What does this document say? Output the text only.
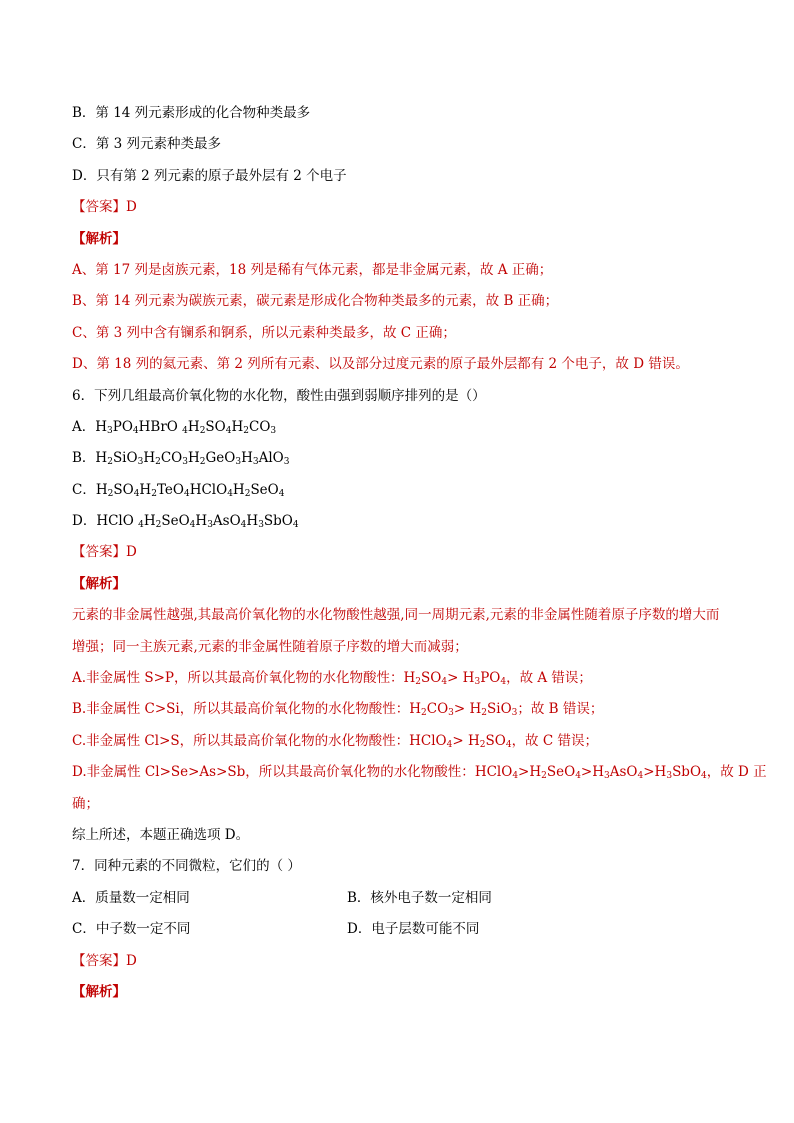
B．第 14 列元素形成的化合物种类最多
C．第 3 列元素种类最多
D．只有第 2 列元素的原子最外层有 2 个电子
【答案】D
【解析】
A、第 17 列是卤族元素，18 列是稀有气体元素，都是非金属元素，故 A 正确；
B、第 14 列元素为碳族元素，碳元素是形成化合物种类最多的元素，故 B 正确；
C、第 3 列中含有镧系和锕系，所以元素种类最多，故 C 正确；
D、第 18 列的氦元素、第 2 列所有元素、以及部分过度元素的原子最外层都有 2 个电子，故 D 错误。
6．下列几组最高价氧化物的水化物，酸性由强到弱顺序排列的是（）
A．$H_3PO_4HBrO$ $_4H_2SO_4H_2CO_3$
B．$H_2SiO_3H_2CO_3H_2GeO_3H_3AlO_3$
C．$H_2SO_4H_2TeO_4HClO_4H_2SeO_4$
D．HClO $_4H_2SeO_4H_3AsO_4H_3SbO_4$
【答案】D
【解析】
元素的非金属性越强,其最高价氧化物的水化物酸性越强,同一周期元素,元素的非金属性随着原子序数的增大而增强；同一主族元素,元素的非金属性随着原子序数的增大而减弱；
A.非金属性 S>P，所以其最高价氧化物的水化物酸性：$H_2SO_4> H_3PO_4$，故 A 错误；
B.非金属性 C>Si，所以其最高价氧化物的水化物酸性：$H_2CO_3> H_2SiO_3$；故 B 错误；
C.非金属性 Cl>S，所以其最高价氧化物的水化物酸性：HClO$_4$> $H_2SO_4$，故 C 错误；
D.非金属性 Cl>Se>As>Sb，所以其最高价氧化物的水化物酸性：$HClO_4>H_2SeO_4>H_3AsO_4>H_3SbO_4$，故 D 正
确；
综上所述，本题正确选项 D。
7．同种元素的不同微粒，它们的（ ）
A．质量数一定相同	B．核外电子数一定相同
C．中子数一定不同	D．电子层数可能不同
【答案】D
【解析】
